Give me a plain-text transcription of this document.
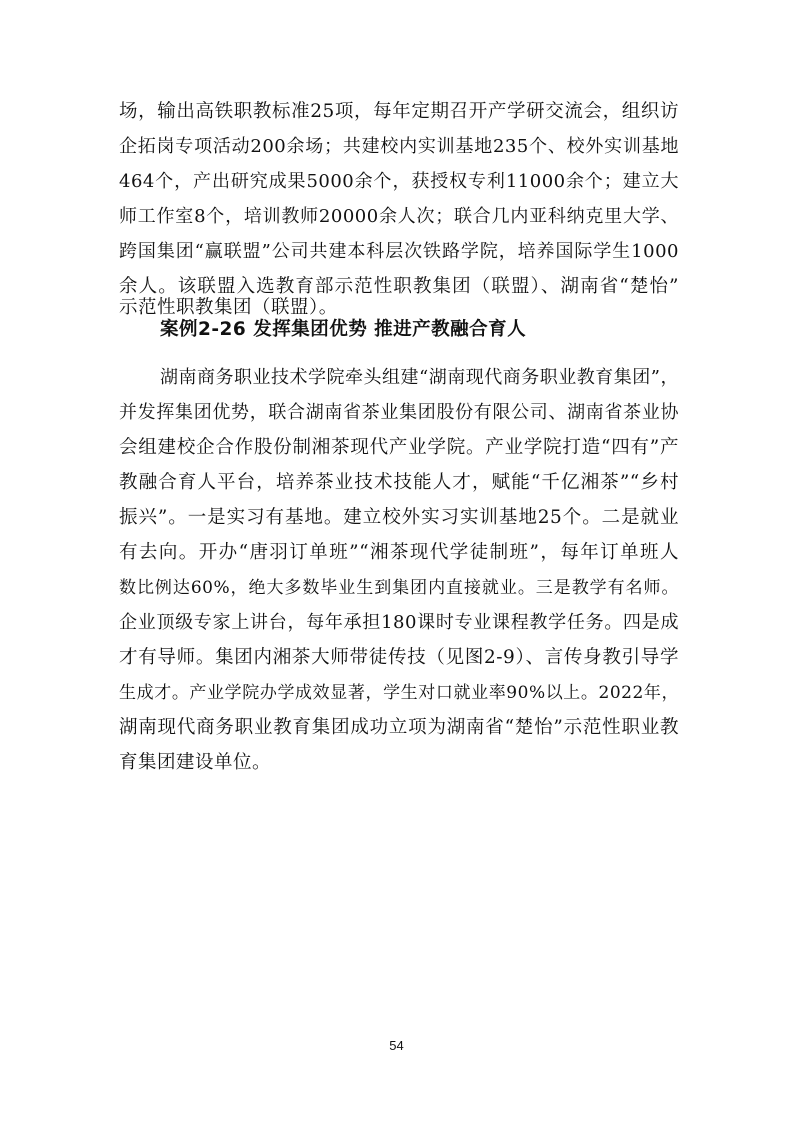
场，输出高铁职教标准25项，每年定期召开产学研交流会，组织访
企拓岗专项活动200余场；共建校内实训基地235个、校外实训基地
464个，产出研究成果5000余个，获授权专利11000余个；建立大
师工作室8个，培训教师20000余人次；联合几内亚科纳克里大学、
跨国集团“赢联盟”公司共建本科层次铁路学院，培养国际学生1000
余人。该联盟入选教育部示范性职教集团（联盟）、湖南省“楚怡”
示范性职教集团（联盟）。
案例2-26 发挥集团优势 推进产教融合育人
湖南商务职业技术学院牵头组建“湖南现代商务职业教育集团”，
并发挥集团优势，联合湖南省茶业集团股份有限公司、湖南省茶业协
会组建校企合作股份制湘茶现代产业学院。产业学院打造“四有”产
教融合育人平台，培养茶业技术技能人才，赋能“千亿湘茶”“乡村
振兴”。一是实习有基地。建立校外实习实训基地25个。二是就业
有去向。开办“唐羽订单班”“湘茶现代学徒制班”，每年订单班人
数比例达60%，绝大多数毕业生到集团内直接就业。三是教学有名师。
企业顶级专家上讲台，每年承担180课时专业课程教学任务。四是成
才有导师。集团内湘茶大师带徒传技（见图2-9）、言传身教引导学
生成才。产业学院办学成效显著，学生对口就业率90%以上。2022年，
湖南现代商务职业教育集团成功立项为湖南省“楚怡”示范性职业教
育集团建设单位。
54
